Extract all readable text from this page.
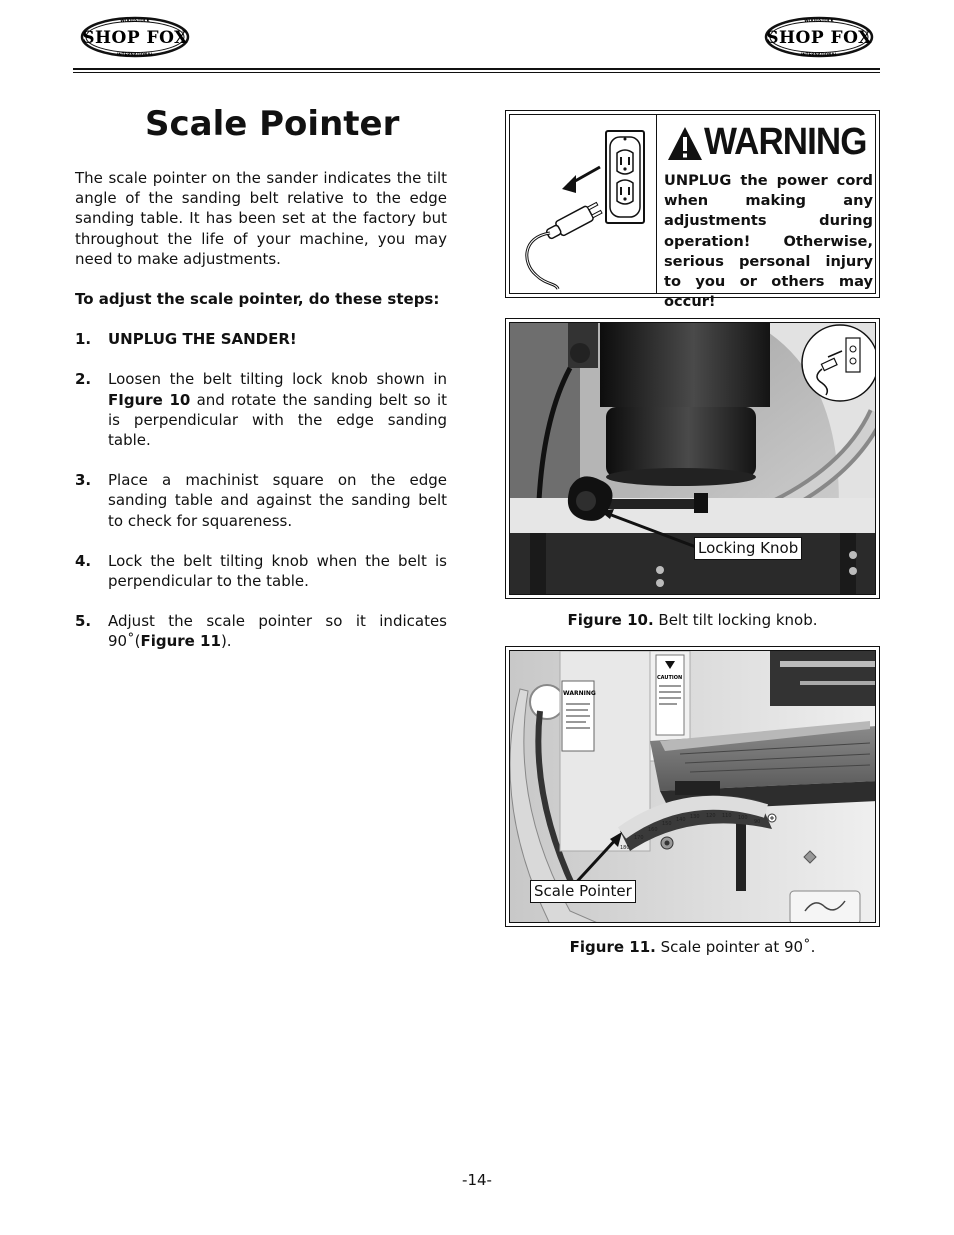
SHOP FOX
WOODSTOCK
INTERNATIONAL
SHOP FOX
WOODSTOCK
INTERNATIONAL
Scale Pointer

The scale pointer on the sander indicates the tilt angle of the sanding belt relative to the edge sanding table. It has been set at the factory but throughout the life of your machine, you may need to make adjustments.

To adjust the scale pointer, do these steps:

1. UNPLUG THE SANDER!
2. Loosen the belt tilting lock knob shown in FIgure 10 and rotate the sanding belt so it is perpendicular with the edge sanding table.
3. Place a machinist square on the edge sanding table and against the sanding belt to check for squareness.
4. Lock the belt tilting knob when the belt is perpendicular to the table.
5. Adjust the scale pointer so it indicates 90˚(Figure 11).
WARNING
UNPLUG the power cord when making any adjustments during operation! Otherwise, serious personal injury to you or others may occur!
Locking Knob
Figure 10. Belt tilt locking knob.
WARNING
CAUTION
180
170
160
150
140 130 120 110 100
90
Scale Pointer
Figure 11. Scale pointer at 90˚.
-14-
